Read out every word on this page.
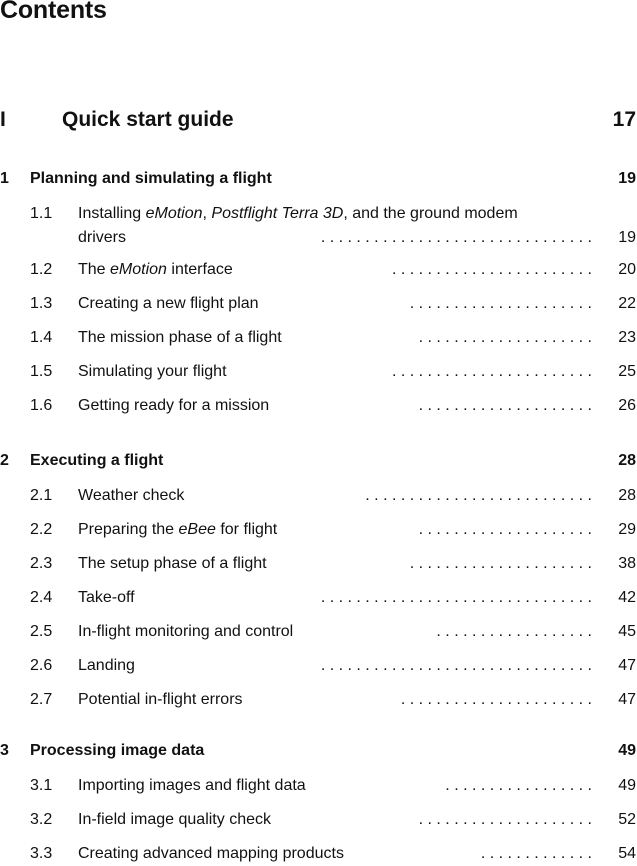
Contents
I	Quick start guide	17
1 Planning and simulating a flight	19
1.1 Installing eMotion, Postflight Terra 3D, and the ground modem
drivers	. . . . . . . . . . . . . . . . . . . . . . . . . . . . . . . 19
1.2 The eMotion interface	. . . . . . . . . . . . . . . . . . . . . . . 20
1.3 Creating a new flight plan	. . . . . . . . . . . . . . . . . . . . . 22
1.4 The mission phase of a flight	. . . . . . . . . . . . . . . . . . . . 23
1.5 Simulating your flight	. . . . . . . . . . . . . . . . . . . . . . . 25
1.6 Getting ready for a mission	. . . . . . . . . . . . . . . . . . . . 26
2 Executing a flight	28
2.1 Weather check	. . . . . . . . . . . . . . . . . . . . . . . . . . 28
2.2 Preparing the eBee for flight	. . . . . . . . . . . . . . . . . . . . 29
2.3 The setup phase of a flight	. . . . . . . . . . . . . . . . . . . . . 38
2.4 Take-off	. . . . . . . . . . . . . . . . . . . . . . . . . . . . . . . 42
2.5 In-flight monitoring and control	. . . . . . . . . . . . . . . . . . 45
2.6 Landing	. . . . . . . . . . . . . . . . . . . . . . . . . . . . . . . 47
2.7 Potential in-flight errors	. . . . . . . . . . . . . . . . . . . . . . 47
3 Processing image data	49
3.1 Importing images and flight data	. . . . . . . . . . . . . . . . . 49
3.2 In-field image quality check	. . . . . . . . . . . . . . . . . . . . 52
3.3 Creating advanced mapping products	. . . . . . . . . . . . . 54
